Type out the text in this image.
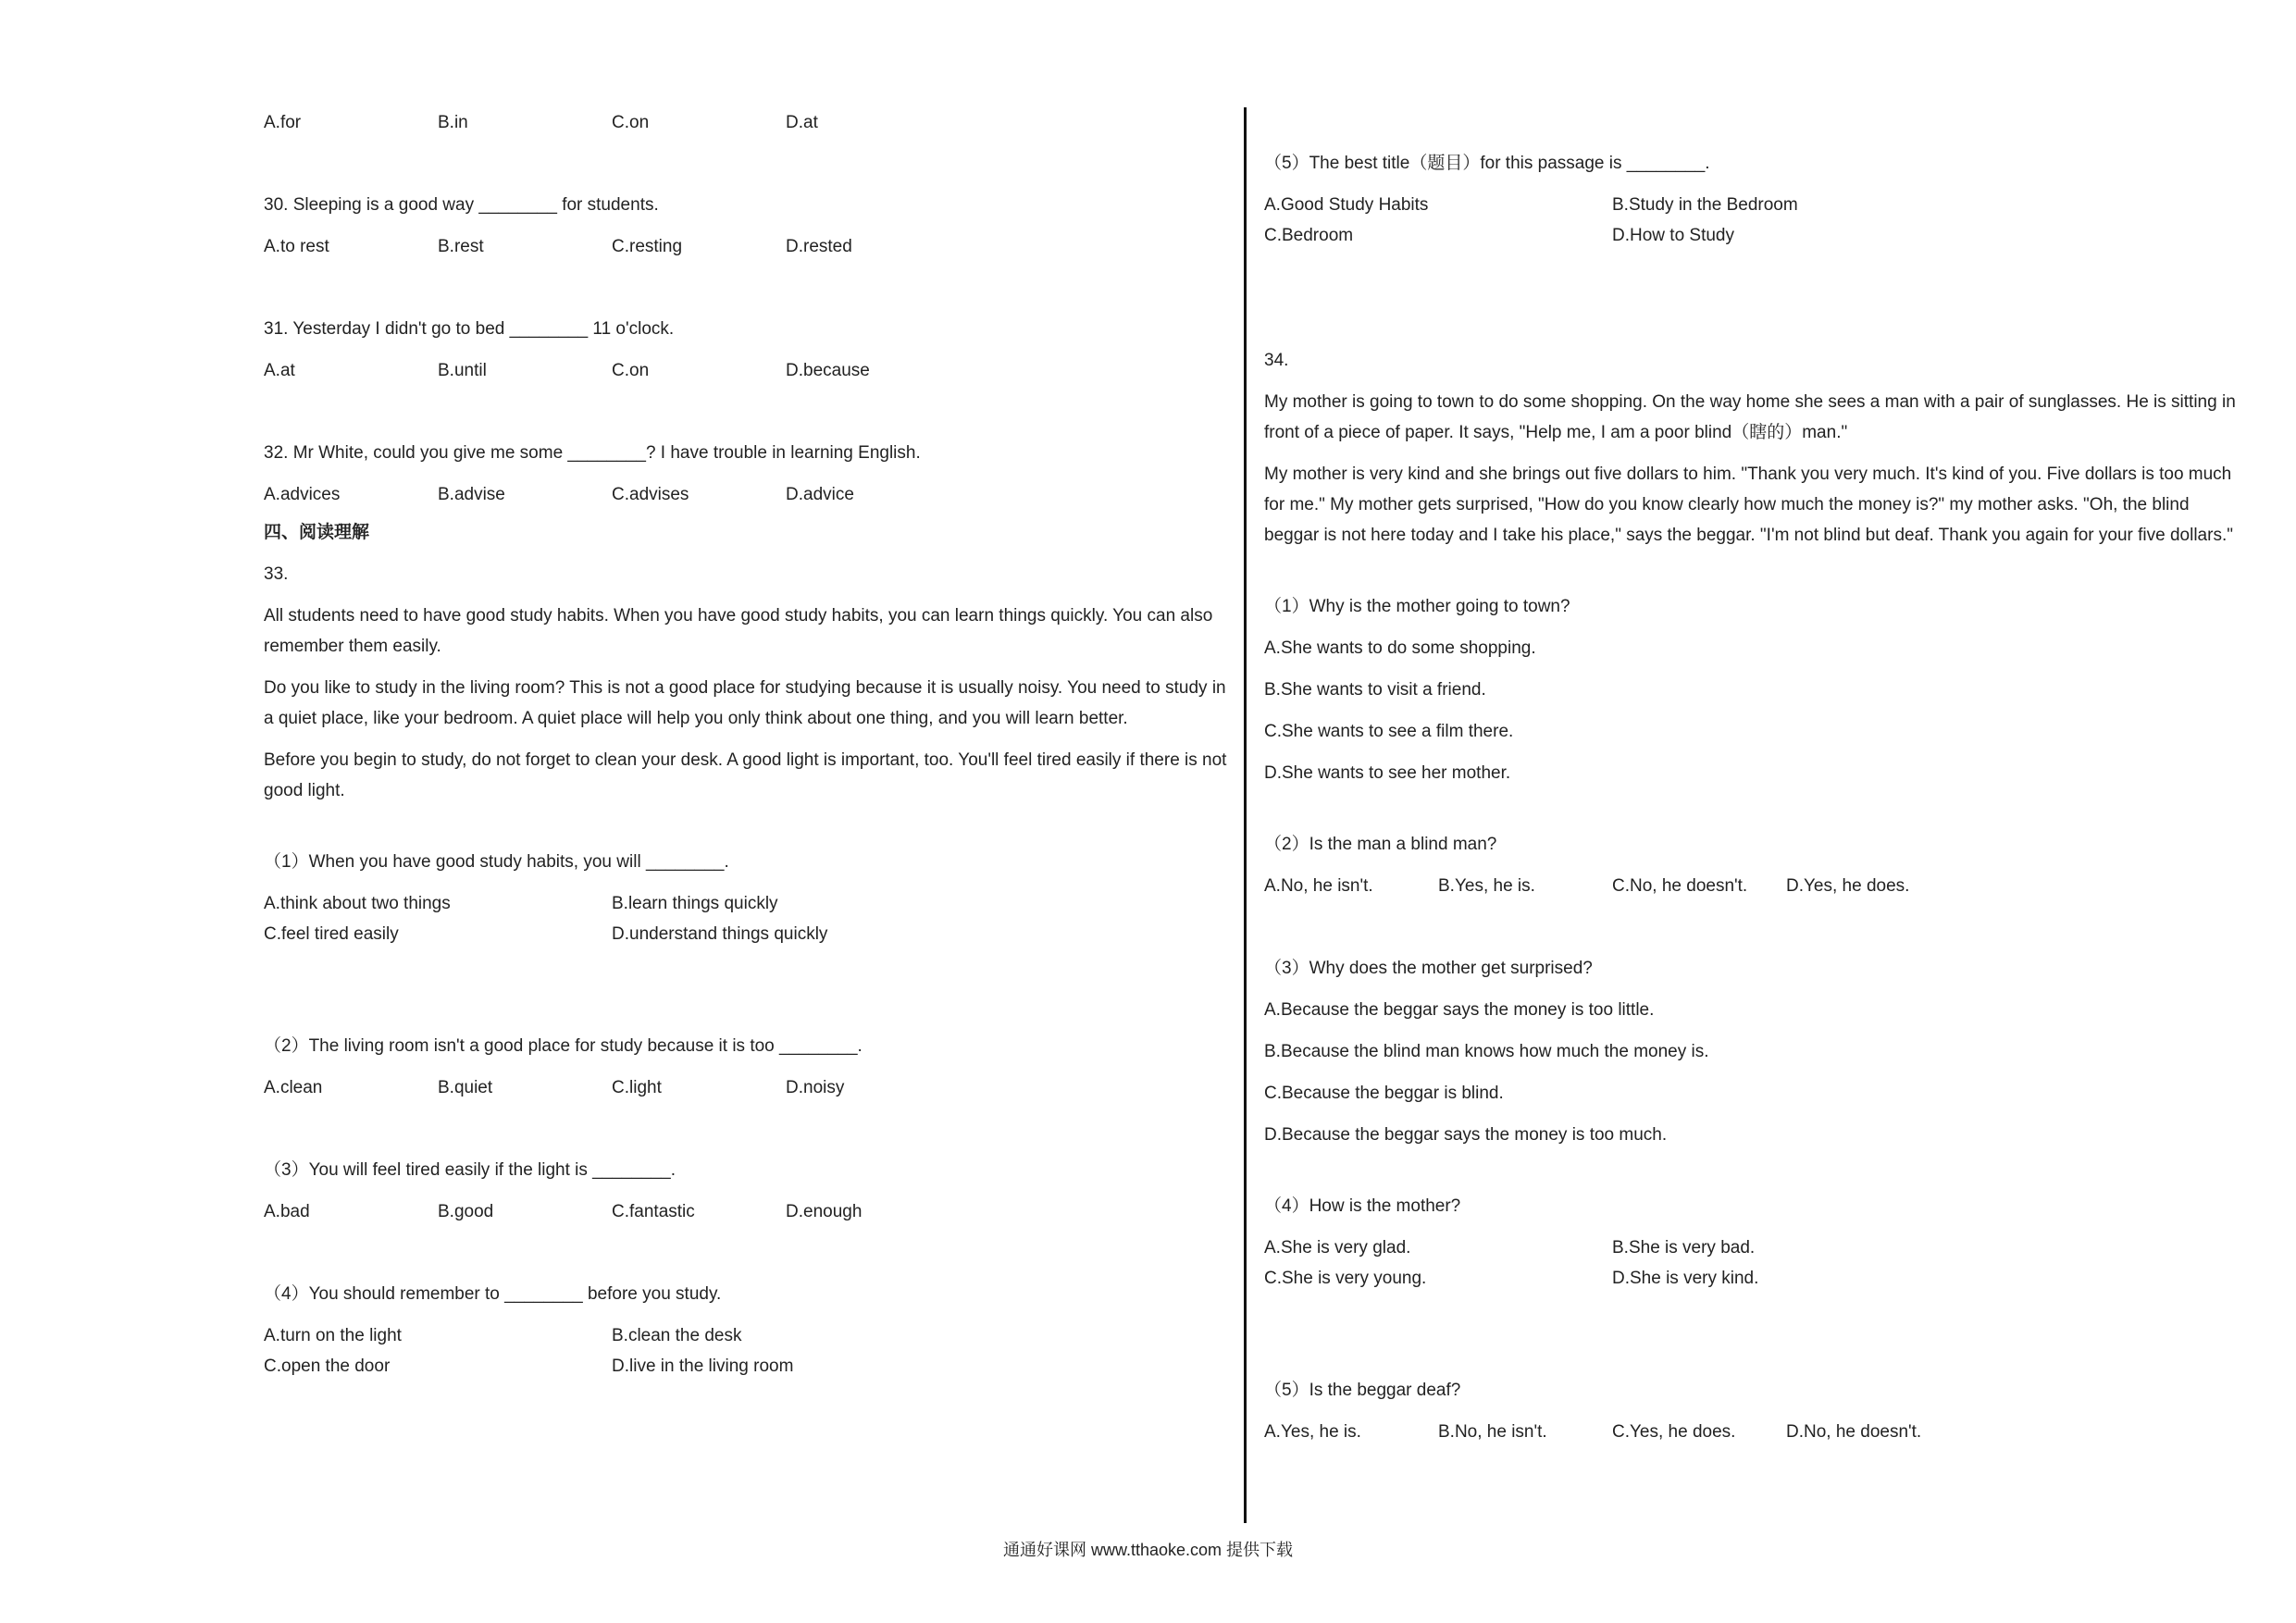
A.for	B.in	C.on	D.at

30. Sleeping is a good way ________ for students.

A.to rest	B.rest	C.resting	D.rested

31. Yesterday I didn't go to bed ________ 11 o'clock.

A.at	B.until	C.on	D.because

32. Mr White, could you give me some ________? I have trouble in learning English.

A.advices	B.advise	C.advises	D.advice

四、阅读理解

33.

All students need to have good study habits. When you have good study habits, you can learn things quickly. You can also remember them easily.

Do you like to study in the living room? This is not a good place for studying because it is usually noisy. You need to study in a quiet place, like your bedroom. A quiet place will help you only think about one thing, and you will learn better.

Before you begin to study, do not forget to clean your desk. A good light is important, too. You'll feel tired easily if there is not good light.

（1）When you have good study habits, you will ________.

A.think about two things	B.learn things quickly
C.feel tired easily	D.understand things quickly

（2）The living room isn't a good place for study because it is too ________.

A.clean	B.quiet	C.light	D.noisy

（3）You will feel tired easily if the light is ________.

A.bad	B.good	C.fantastic	D.enough

（4）You should remember to ________ before you study.

A.turn on the light	B.clean the desk
C.open the door	D.live in the living room

（5）The best title（题目）for this passage is ________.

A.Good Study Habits	B.Study in the Bedroom
C.Bedroom	D.How to Study

34.

My mother is going to town to do some shopping. On the way home she sees a man with a pair of sunglasses. He is sitting in front of a piece of paper. It says, "Help me, I am a poor blind（瞎的）man."

My mother is very kind and she brings out five dollars to him. "Thank you very much. It's kind of you. Five dollars is too much for me." My mother gets surprised, "How do you know clearly how much the money is?" my mother asks. "Oh, the blind beggar is not here today and I take his place," says the beggar. "I'm not blind but deaf. Thank you again for your five dollars."

（1）Why is the mother going to town?

A.She wants to do some shopping.
B.She wants to visit a friend.
C.She wants to see a film there.
D.She wants to see her mother.

（2）Is the man a blind man?

A.No, he isn't.	B.Yes, he is.	C.No, he doesn't.	D.Yes, he does.

（3）Why does the mother get surprised?

A.Because the beggar says the money is too little.
B.Because the blind man knows how much the money is.
C.Because the beggar is blind.
D.Because the beggar says the money is too much.

（4）How is the mother?

A.She is very glad.	B.She is very bad.
C.She is very young.	D.She is very kind.

（5）Is the beggar deaf?

A.Yes, he is.	B.No, he isn't.	C.Yes, he does.	D.No, he doesn't.
通通好课网 www.tthaoke.com 提供下载
